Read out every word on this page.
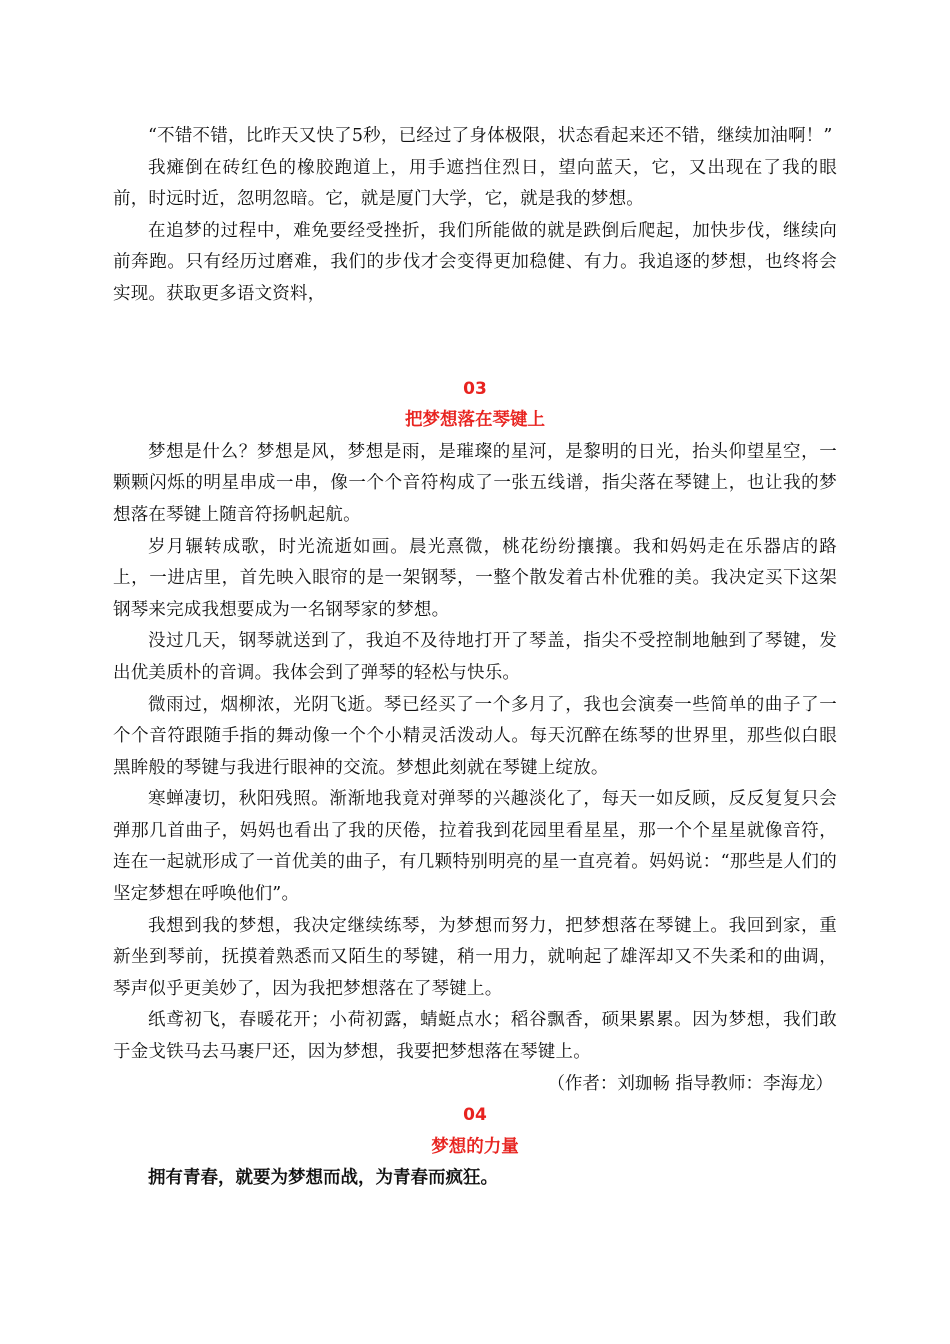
“不错不错，比昨天又快了5秒，已经过了身体极限，状态看起来还不错，继续加油啊！”

我瘫倒在砖红色的橡胶跑道上，用手遮挡住烈日，望向蓝天，它，又出现在了我的眼前，时远时近，忽明忽暗。它，就是厦门大学，它，就是我的梦想。

在追梦的过程中，难免要经受挫折，我们所能做的就是跌倒后爬起，加快步伐，继续向前奔跑。只有经历过磨难，我们的步伐才会变得更加稳健、有力。我追逐的梦想，也终将会实现。获取更多语文资料，

03

把梦想落在琴键上

梦想是什么？梦想是风，梦想是雨，是璀璨的星河，是黎明的日光，抬头仰望星空，一颗颗闪烁的明星串成一串，像一个个音符构成了一张五线谱，指尖落在琴键上，也让我的梦想落在琴键上随音符扬帆起航。

岁月辗转成歌，时光流逝如画。晨光熹微，桃花纷纷攘攘。我和妈妈走在乐器店的路上，一进店里，首先映入眼帘的是一架钢琴，一整个散发着古朴优雅的美。我决定买下这架钢琴来完成我想要成为一名钢琴家的梦想。

没过几天，钢琴就送到了，我迫不及待地打开了琴盖，指尖不受控制地触到了琴键，发出优美质朴的音调。我体会到了弹琴的轻松与快乐。

微雨过，烟柳浓，光阴飞逝。琴已经买了一个多月了，我也会演奏一些简单的曲子了一个个音符跟随手指的舞动像一个个小精灵活泼动人。每天沉醉在练琴的世界里，那些似白眼黑眸般的琴键与我进行眼神的交流。梦想此刻就在琴键上绽放。

寒蝉凄切，秋阳残照。渐渐地我竟对弹琴的兴趣淡化了，每天一如反顾，反反复复只会弹那几首曲子，妈妈也看出了我的厌倦，拉着我到花园里看星星，那一个个星星就像音符，连在一起就形成了一首优美的曲子，有几颗特别明亮的星一直亮着。妈妈说：“那些是人们的坚定梦想在呼唤他们”。

我想到我的梦想，我决定继续练琴，为梦想而努力，把梦想落在琴键上。我回到家，重新坐到琴前，抚摸着熟悉而又陌生的琴键，稍一用力，就响起了雄浑却又不失柔和的曲调，琴声似乎更美妙了，因为我把梦想落在了琴键上。

纸鸢初飞，春暖花开；小荷初露，蜻蜓点水；稻谷飘香，硕果累累。因为梦想，我们敢于金戈铁马去马裹尸还，因为梦想，我要把梦想落在琴键上。

（作者：刘珈畅 指导教师：李海龙）

04

梦想的力量

拥有青春，就要为梦想而战，为青春而疯狂。
